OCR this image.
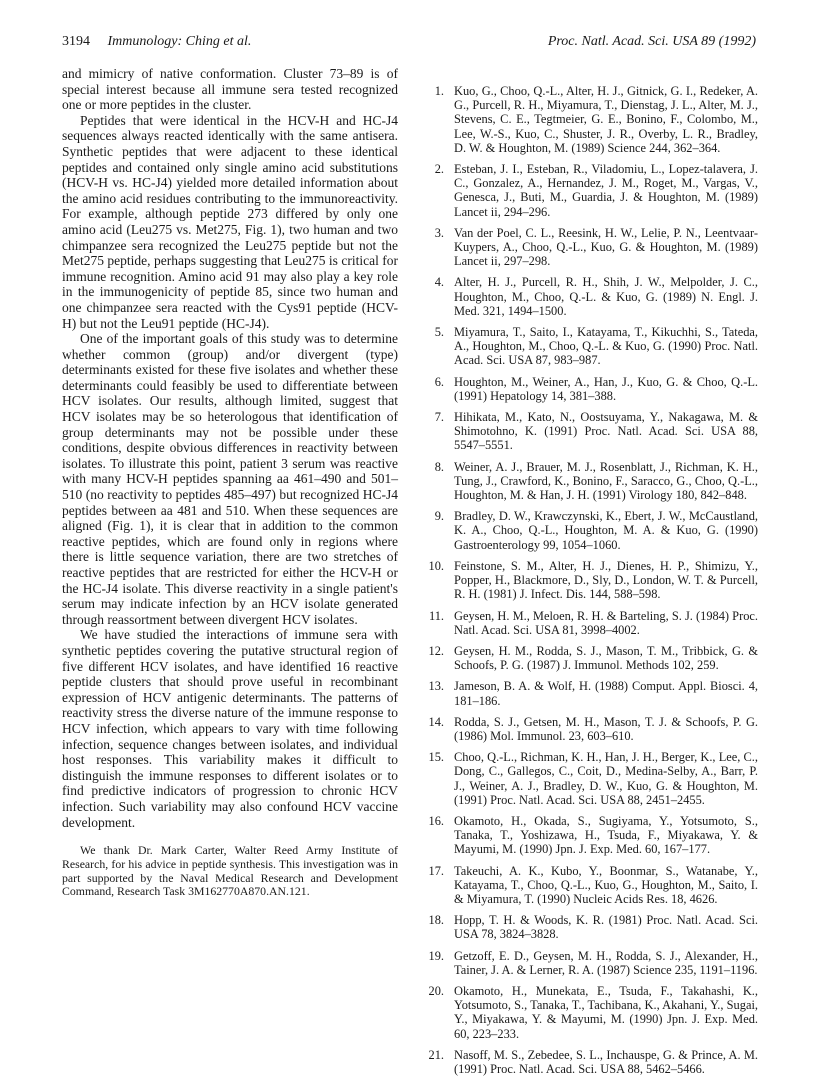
3194 Immunology: Ching et al.	Proc. Natl. Acad. Sci. USA 89 (1992)

and mimicry of native conformation. Cluster 73–89 is of special interest because all immune sera tested recognized one or more peptides in the cluster.

Peptides that were identical in the HCV-H and HC-J4 sequences always reacted identically with the same antisera. Synthetic peptides that were adjacent to these identical peptides and contained only single amino acid substitutions (HCV-H vs. HC-J4) yielded more detailed information about the amino acid residues contributing to the immunoreactivity. For example, although peptide 273 differed by only one amino acid (Leu275 vs. Met275, Fig. 1), two human and two chimpanzee sera recognized the Leu275 peptide but not the Met275 peptide, perhaps suggesting that Leu275 is critical for immune recognition. Amino acid 91 may also play a key role in the immunogenicity of peptide 85, since two human and one chimpanzee sera reacted with the Cys91 peptide (HCV-H) but not the Leu91 peptide (HC-J4).

One of the important goals of this study was to determine whether common (group) and/or divergent (type) determinants existed for these five isolates and whether these determinants could feasibly be used to differentiate between HCV isolates. Our results, although limited, suggest that HCV isolates may be so heterologous that identification of group determinants may not be possible under these conditions, despite obvious differences in reactivity between isolates. To illustrate this point, patient 3 serum was reactive with many HCV-H peptides spanning aa 461–490 and 501–510 (no reactivity to peptides 485–497) but recognized HC-J4 peptides between aa 481 and 510. When these sequences are aligned (Fig. 1), it is clear that in addition to the common reactive peptides, which are found only in regions where there is little sequence variation, there are two stretches of reactive peptides that are restricted for either the HCV-H or the HC-J4 isolate. This diverse reactivity in a single patient's serum may indicate infection by an HCV isolate generated through reassortment between divergent HCV isolates.

We have studied the interactions of immune sera with synthetic peptides covering the putative structural region of five different HCV isolates, and have identified 16 reactive peptide clusters that should prove useful in recombinant expression of HCV antigenic determinants. The patterns of reactivity stress the diverse nature of the immune response to HCV infection, which appears to vary with time following infection, sequence changes between isolates, and individual host responses. This variability makes it difficult to distinguish the immune responses to different isolates or to find predictive indicators of progression to chronic HCV infection. Such variability may also confound HCV vaccine development.

We thank Dr. Mark Carter, Walter Reed Army Institute of Research, for his advice in peptide synthesis. This investigation was in part supported by the Naval Medical Research and Development Command, Research Task 3M162770A870.AN.121.

1. Kuo, G., Choo, Q.-L., Alter, H. J., Gitnick, G. I., Redeker, A. G., Purcell, R. H., Miyamura, T., Dienstag, J. L., Alter, M. J., Stevens, C. E., Tegtmeier, G. E., Bonino, F., Colombo, M., Lee, W.-S., Kuo, C., Shuster, J. R., Overby, L. R., Bradley, D. W. & Houghton, M. (1989) Science 244, 362–364.
2. Esteban, J. I., Esteban, R., Viladomiu, L., Lopez-talavera, J. C., Gonzalez, A., Hernandez, J. M., Roget, M., Vargas, V., Genesca, J., Buti, M., Guardia, J. & Houghton, M. (1989) Lancet ii, 294–296.
3. Van der Poel, C. L., Reesink, H. W., Lelie, P. N., Leentvaar-Kuypers, A., Choo, Q.-L., Kuo, G. & Houghton, M. (1989) Lancet ii, 297–298.
4. Alter, H. J., Purcell, R. H., Shih, J. W., Melpolder, J. C., Houghton, M., Choo, Q.-L. & Kuo, G. (1989) N. Engl. J. Med. 321, 1494–1500.
5. Miyamura, T., Saito, I., Katayama, T., Kikuchhi, S., Tateda, A., Houghton, M., Choo, Q.-L. & Kuo, G. (1990) Proc. Natl. Acad. Sci. USA 87, 983–987.
6. Houghton, M., Weiner, A., Han, J., Kuo, G. & Choo, Q.-L. (1991) Hepatology 14, 381–388.
7. Hihikata, M., Kato, N., Oostsuyama, Y., Nakagawa, M. & Shimotohno, K. (1991) Proc. Natl. Acad. Sci. USA 88, 5547–5551.
8. Weiner, A. J., Brauer, M. J., Rosenblatt, J., Richman, K. H., Tung, J., Crawford, K., Bonino, F., Saracco, G., Choo, Q.-L., Houghton, M. & Han, J. H. (1991) Virology 180, 842–848.
9. Bradley, D. W., Krawczynski, K., Ebert, J. W., McCaustland, K. A., Choo, Q.-L., Houghton, M. A. & Kuo, G. (1990) Gastroenterology 99, 1054–1060.
10. Feinstone, S. M., Alter, H. J., Dienes, H. P., Shimizu, Y., Popper, H., Blackmore, D., Sly, D., London, W. T. & Purcell, R. H. (1981) J. Infect. Dis. 144, 588–598.
11. Geysen, H. M., Meloen, R. H. & Barteling, S. J. (1984) Proc. Natl. Acad. Sci. USA 81, 3998–4002.
12. Geysen, H. M., Rodda, S. J., Mason, T. M., Tribbick, G. & Schoofs, P. G. (1987) J. Immunol. Methods 102, 259.
13. Jameson, B. A. & Wolf, H. (1988) Comput. Appl. Biosci. 4, 181–186.
14. Rodda, S. J., Getsen, M. H., Mason, T. J. & Schoofs, P. G. (1986) Mol. Immunol. 23, 603–610.
15. Choo, Q.-L., Richman, K. H., Han, J. H., Berger, K., Lee, C., Dong, C., Gallegos, C., Coit, D., Medina-Selby, A., Barr, P. J., Weiner, A. J., Bradley, D. W., Kuo, G. & Houghton, M. (1991) Proc. Natl. Acad. Sci. USA 88, 2451–2455.
16. Okamoto, H., Okada, S., Sugiyama, Y., Yotsumoto, S., Tanaka, T., Yoshizawa, H., Tsuda, F., Miyakawa, Y. & Mayumi, M. (1990) Jpn. J. Exp. Med. 60, 167–177.
17. Takeuchi, A. K., Kubo, Y., Boonmar, S., Watanabe, Y., Katayama, T., Choo, Q.-L., Kuo, G., Houghton, M., Saito, I. & Miyamura, T. (1990) Nucleic Acids Res. 18, 4626.
18. Hopp, T. H. & Woods, K. R. (1981) Proc. Natl. Acad. Sci. USA 78, 3824–3828.
19. Getzoff, E. D., Geysen, M. H., Rodda, S. J., Alexander, H., Tainer, J. A. & Lerner, R. A. (1987) Science 235, 1191–1196.
20. Okamoto, H., Munekata, E., Tsuda, F., Takahashi, K., Yotsumoto, S., Tanaka, T., Tachibana, K., Akahani, Y., Sugai, Y., Miyakawa, Y. & Mayumi, M. (1990) Jpn. J. Exp. Med. 60, 223–233.
21. Nasoff, M. S., Zebedee, S. L., Inchauspe, G. & Prince, A. M. (1991) Proc. Natl. Acad. Sci. USA 88, 5462–5466.
